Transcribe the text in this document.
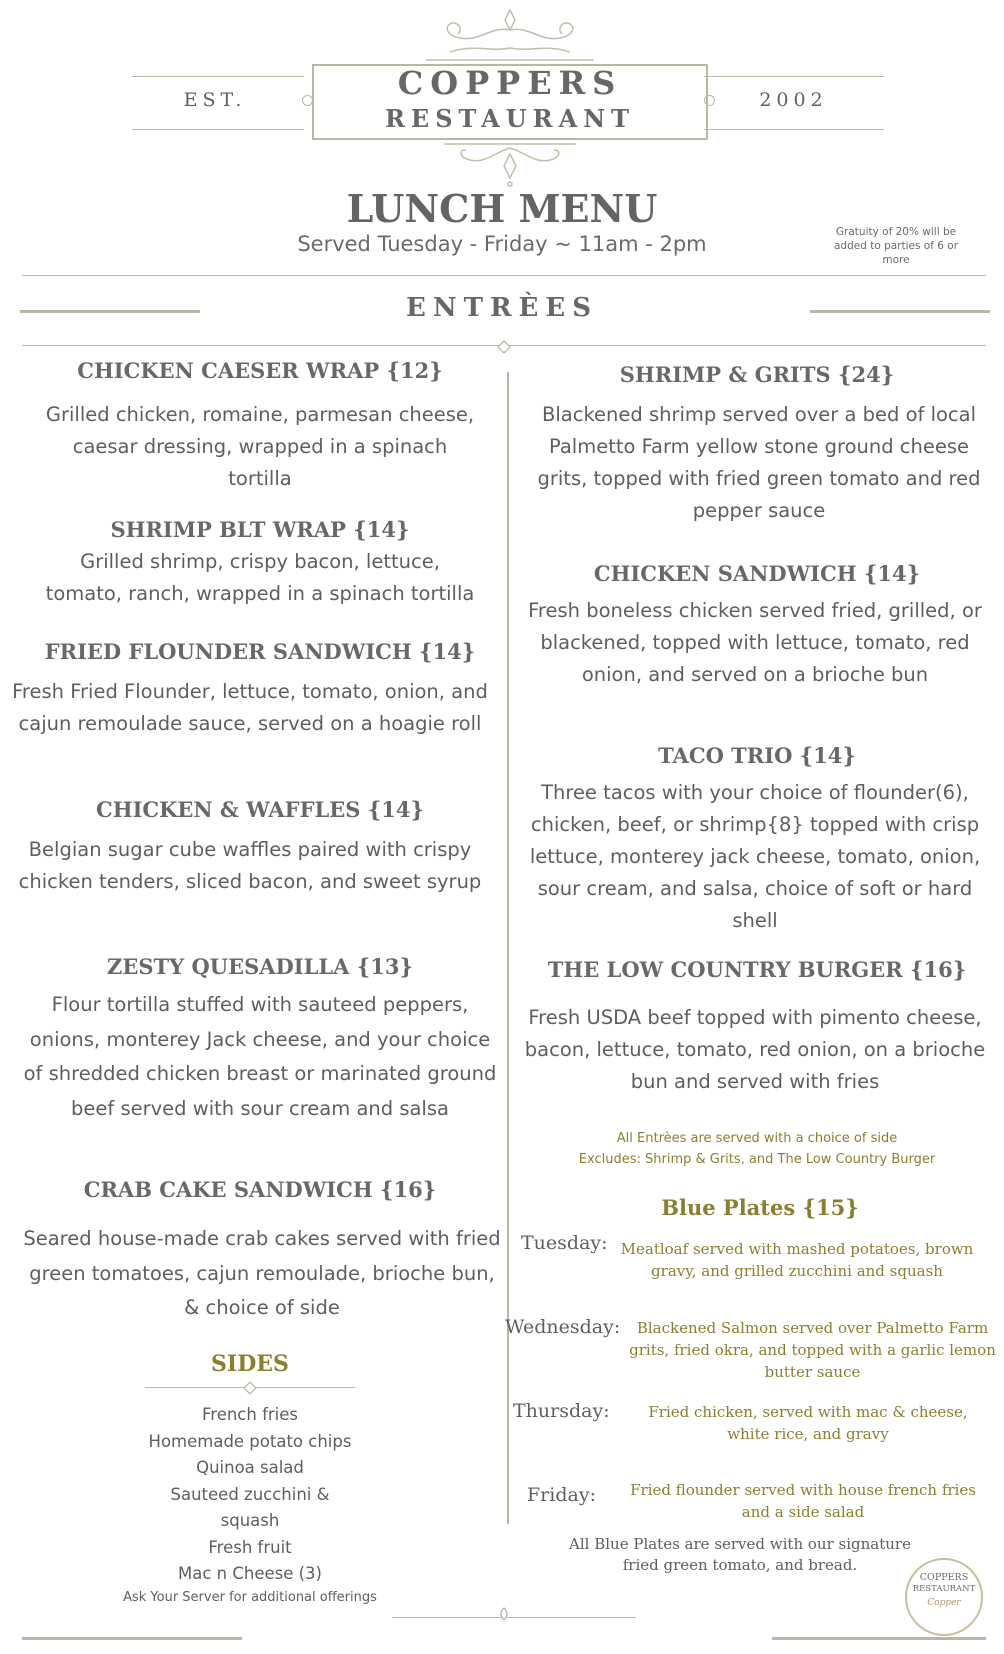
EST.	2002
COPPERS
RESTAURANT
LUNCH MENU
Served Tuesday - Friday ~ 11am - 2pm	Gratuity of 20% will be added to parties of 6 or more
ENTRÈES
CHICKEN CAESER WRAP {12}
Grilled chicken, romaine, parmesan cheese, caesar dressing, wrapped in a spinach tortilla
SHRIMP BLT WRAP {14}
Grilled shrimp, crispy bacon, lettuce, tomato, ranch, wrapped in a spinach tortilla
FRIED FLOUNDER SANDWICH {14}
Fresh Fried Flounder, lettuce, tomato, onion, and cajun remoulade sauce, served on a hoagie roll
CHICKEN & WAFFLES {14}
Belgian sugar cube waffles paired with crispy chicken tenders, sliced bacon, and sweet syrup
ZESTY QUESADILLA {13}
Flour tortilla stuffed with sauteed peppers, onions, monterey Jack cheese, and your choice of shredded chicken breast or marinated ground beef served with sour cream and salsa
CRAB CAKE SANDWICH {16}
Seared house-made crab cakes served with fried green tomatoes, cajun remoulade, brioche bun, & choice of side
SIDES
French fries
Homemade potato chips
Quinoa salad
Sauteed zucchini &
squash
Fresh fruit
Mac n Cheese (3)
Ask Your Server for additional offerings
SHRIMP & GRITS {24}
Blackened shrimp served over a bed of local Palmetto Farm yellow stone ground cheese grits, topped with fried green tomato and red pepper sauce
CHICKEN SANDWICH {14}
Fresh boneless chicken served fried, grilled, or blackened, topped with lettuce, tomato, red onion, and served on a brioche bun
TACO TRIO {14}
Three tacos with your choice of flounder(6), chicken, beef, or shrimp{8} topped with crisp lettuce, monterey jack cheese, tomato, onion, sour cream, and salsa, choice of soft or hard shell
THE LOW COUNTRY BURGER {16}
Fresh USDA beef topped with pimento cheese, bacon, lettuce, tomato, red onion, on a brioche bun and served with fries
All Entrèes are served with a choice of side
Excludes: Shrimp & Grits, and The Low Country Burger
Blue Plates {15}
Tuesday: Meatloaf served with mashed potatoes, brown gravy, and grilled zucchini and squash
Wednesday:	Blackened Salmon served over Palmetto Farm grits, fried okra, and topped with a garlic lemon butter sauce
Thursday:	Fried chicken, served with mac & cheese, white rice, and gravy
Friday:	Fried flounder served with house french fries and a side salad
All Blue Plates are served with our signature fried green tomato, and bread.
COPPERS
RESTAURANT
Copper
